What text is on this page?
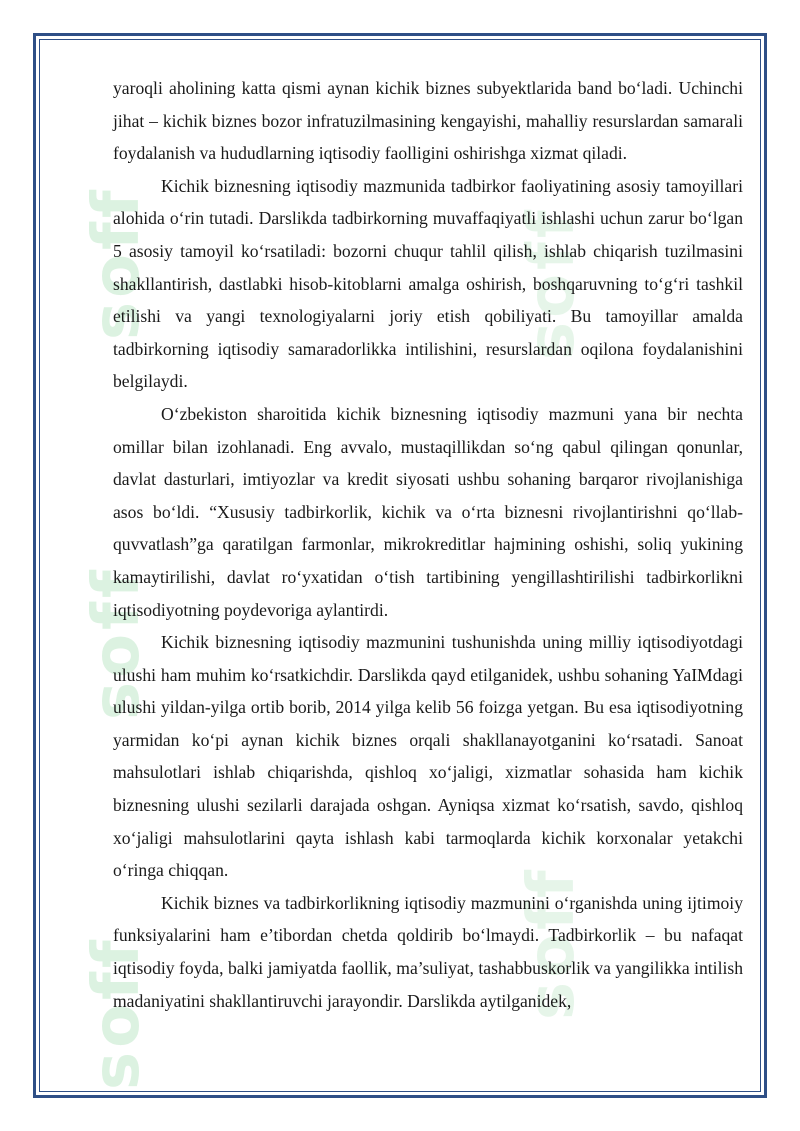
soff
soff
soff
soff
soff

yaroqli aholining katta qismi aynan kichik biznes subyektlarida band bo‘ladi. Uchinchi jihat – kichik biznes bozor infratuzilmasining kengayishi, mahalliy resurslardan samarali foydalanish va hududlarning iqtisodiy faolligini oshirishga xizmat qiladi.

Kichik biznesning iqtisodiy mazmunida tadbirkor faoliyatining asosiy tamoyillari alohida o‘rin tutadi. Darslikda tadbirkorning muvaffaqiyatli ishlashi uchun zarur bo‘lgan 5 asosiy tamoyil ko‘rsatiladi: bozorni chuqur tahlil qilish, ishlab chiqarish tuzilmasini shakllantirish, dastlabki hisob-kitoblarni amalga oshirish, boshqaruvning to‘g‘ri tashkil etilishi va yangi texnologiyalarni joriy etish qobiliyati. Bu tamoyillar amalda tadbirkorning iqtisodiy samaradorlikka intilishini, resurslardan oqilona foydalanishini belgilaydi.

O‘zbekiston sharoitida kichik biznesning iqtisodiy mazmuni yana bir nechta omillar bilan izohlanadi. Eng avvalo, mustaqillikdan so‘ng qabul qilingan qonunlar, davlat dasturlari, imtiyozlar va kredit siyosati ushbu sohaning barqaror rivojlanishiga asos bo‘ldi. “Xususiy tadbirkorlik, kichik va o‘rta biznesni rivojlantirishni qo‘llab-quvvatlash”ga qaratilgan farmonlar, mikrokreditlar hajmining oshishi, soliq yukining kamaytirilishi, davlat ro‘yxatidan o‘tish tartibining yengillashtirilishi tadbirkorlikni iqtisodiyotning poydevoriga aylantirdi.

Kichik biznesning iqtisodiy mazmunini tushunishda uning milliy iqtisodiyotdagi ulushi ham muhim ko‘rsatkichdir. Darslikda qayd etilganidek, ushbu sohaning YaIMdagi ulushi yildan-yilga ortib borib, 2014 yilga kelib 56 foizga yetgan. Bu esa iqtisodiyotning yarmidan ko‘pi aynan kichik biznes orqali shakllanayotganini ko‘rsatadi. Sanoat mahsulotlari ishlab chiqarishda, qishloq xo‘jaligi, xizmatlar sohasida ham kichik biznesning ulushi sezilarli darajada oshgan. Ayniqsa xizmat ko‘rsatish, savdo, qishloq xo‘jaligi mahsulotlarini qayta ishlash kabi tarmoqlarda kichik korxonalar yetakchi o‘ringa chiqqan.

Kichik biznes va tadbirkorlikning iqtisodiy mazmunini o‘rganishda uning ijtimoiy funksiyalarini ham e’tibordan chetda qoldirib bo‘lmaydi. Tadbirkorlik – bu nafaqat iqtisodiy foyda, balki jamiyatda faollik, ma’suliyat, tashabbuskorlik va yangilikka intilish madaniyatini shakllantiruvchi jarayondir. Darslikda aytilganidek,
